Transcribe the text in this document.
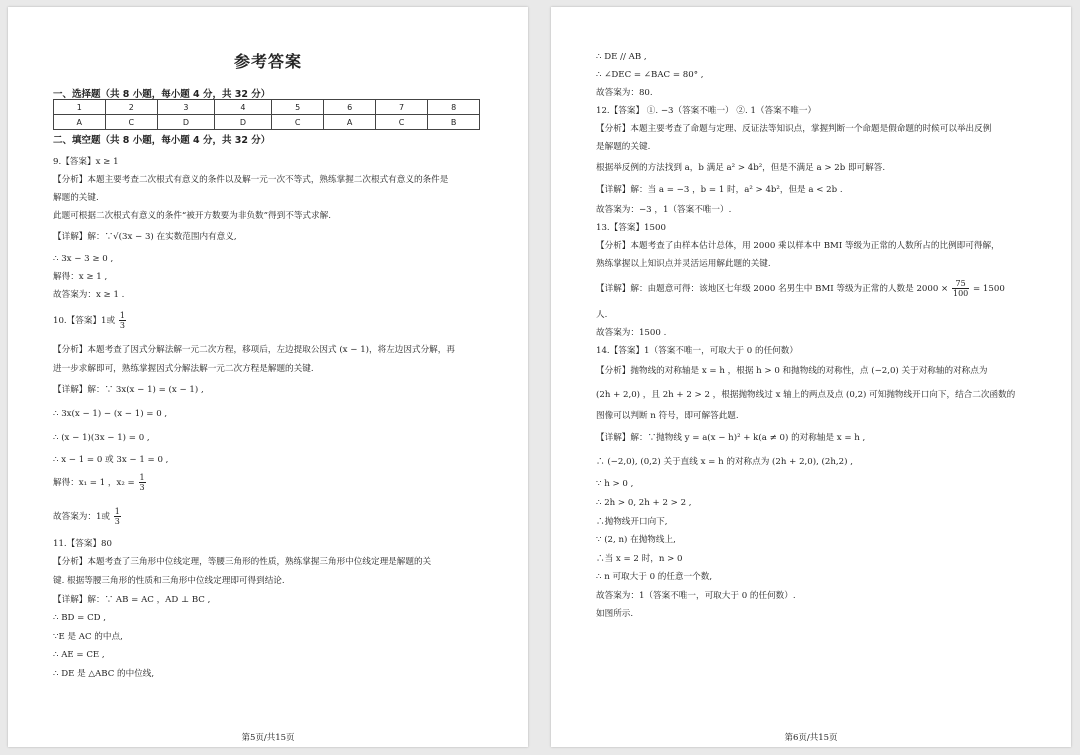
参考答案
一、选择题（共 8 小题，每小题 4 分，共 32 分）
1	2	3	4	5	6	7	8
A	C	D	D	C	A	C	B
二、填空题（共 8 小题，每小题 4 分，共 32 分）
9.【答案】x ≥ 1
【分析】本题主要考查二次根式有意义的条件以及解一元一次不等式，熟练掌握二次根式有意义的条件是
解题的关键.
此题可根据二次根式有意义的条件“被开方数要为非负数”得到不等式求解.
【详解】解：∵√(3x − 3) 在实数范围内有意义,
∴ 3x − 3 ≥ 0 ,
解得：x ≥ 1 ,
故答案为：x ≥ 1 .
10.【答案】1或 $\frac{1}{3}$
【分析】本题考查了因式分解法解一元二次方程，移项后，左边提取公因式 (x − 1)，将左边因式分解，再
进一步求解即可，熟练掌握因式分解法解一元二次方程是解题的关键.
【详解】解：∵ 3x(x − 1) = (x − 1) ,
∴ 3x(x − 1) − (x − 1) = 0 ,
∴ (x − 1)(3x − 1) = 0 ,
∴ x − 1 = 0 或 3x − 1 = 0 ,
解得：x₁ = 1 ，$x_2 = \frac{1}{3}$
故答案为：1或 $\frac{1}{3}$
11.【答案】80
【分析】本题考查了三角形中位线定理，等腰三角形的性质，熟练掌握三角形中位线定理是解题的关
键. 根据等腰三角形的性质和三角形中位线定理即可得到结论.
【详解】解：∵ AB = AC ，AD ⊥ BC ,
∴ BD = CD ,
∵E 是 AC 的中点,
∴ AE = CE ,
∴ DE 是 △ABC 的中位线,
第5页/共15页
∴ DE // AB ,
∴ ∠DEC = ∠BAC = 80° ,
故答案为：80.
12.【答案】 ①. −3（答案不唯一） ②. 1（答案不唯一）
【分析】本题主要考查了命题与定理、反证法等知识点，掌握判断一个命题是假命题的时候可以举出反例
是解题的关键.
根据举反例的方法找到 a，b 满足 a² > 4b²，但是不满足 a > 2b 即可解答.
【详解】解：当 a = −3 ，b = 1 时，a² > 4b²，但是 a < 2b .
故答案为：−3 ，1（答案不唯一）.
13.【答案】1500
【分析】本题考查了由样本估计总体，用 2000 乘以样本中 BMI 等级为正常的人数所占的比例即可得解，
熟练掌握以上知识点并灵活运用解此题的关键.
【详解】解：由题意可得：该地区七年级 2000 名男生中 BMI 等级为正常的人数是 $2000 \times \frac{75}{100} = 1500$
人.
故答案为：1500 .
14.【答案】1（答案不唯一，可取大于 0 的任何数）
【分析】抛物线的对称轴是 x = h ，根据 h > 0 和抛物线的对称性，点 (−2,0) 关于对称轴的对称点为
(2h + 2,0) ，且 2h + 2 > 2 ，根据抛物线过 x 轴上的两点及点 (0,2) 可知抛物线开口向下，结合二次函数的
图像可以判断 n 符号，即可解答此题.
【详解】解：∵抛物线 y = a(x − h)² + k(a ≠ 0) 的对称轴是 x = h ,
∴ (−2,0), (0,2) 关于直线 x = h 的对称点为 (2h + 2,0), (2h,2) ,
∵ h > 0 ,
∴ 2h > 0, 2h + 2 > 2 ,
∴抛物线开口向下,
∵ (2, n) 在抛物线上,
∴当 x = 2 时，n > 0
∴ n 可取大于 0 的任意一个数,
故答案为：1（答案不唯一，可取大于 0 的任何数）.
如图所示.
第6页/共15页
